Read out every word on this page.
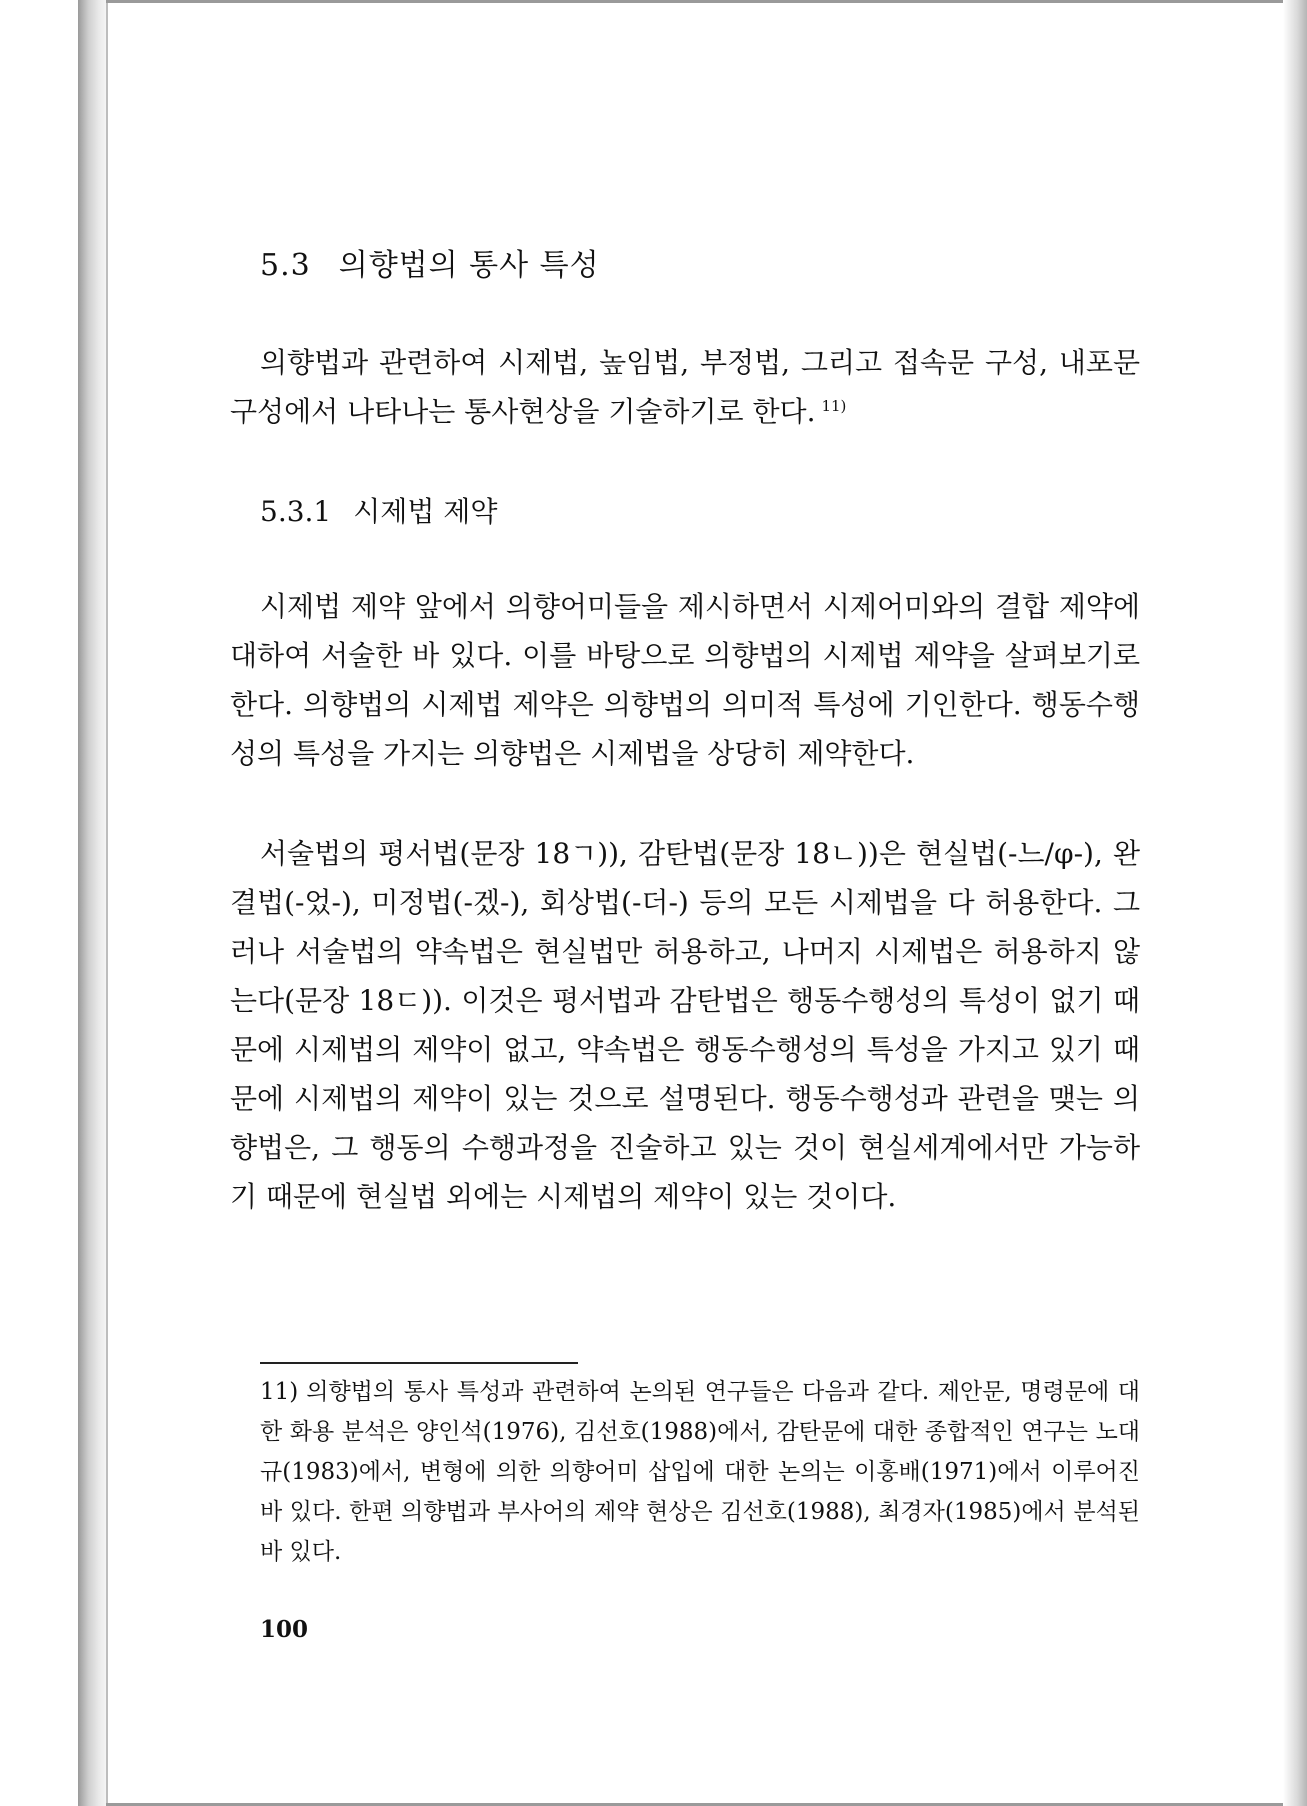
5.3 의향법의 통사 특성

의향법과 관련하여 시제법, 높임법, 부정법, 그리고 접속문 구성, 내포문 구성에서 나타나는 통사현상을 기술하기로 한다. $^{11)}$

5.3.1 시제법 제약

시제법 제약 앞에서 의향어미들을 제시하면서 시제어미와의 결합 제약에 대하여 서술한 바 있다. 이를 바탕으로 의향법의 시제법 제약을 살펴보기로 한다. 의향법의 시제법 제약은 의향법의 의미적 특성에 기인한다. 행동수행성의 특성을 가지는 의향법은 시제법을 상당히 제약한다.

서술법의 평서법(문장 18ㄱ)), 감탄법(문장 18ㄴ))은 현실법(-느/φ-), 완결법(-었-), 미정법(-겠-), 회상법(-더-) 등의 모든 시제법을 다 허용한다. 그러나 서술법의 약속법은 현실법만 허용하고, 나머지 시제법은 허용하지 않는다(문장 18ㄷ)). 이것은 평서법과 감탄법은 행동수행성의 특성이 없기 때문에 시제법의 제약이 없고, 약속법은 행동수행성의 특성을 가지고 있기 때문에 시제법의 제약이 있는 것으로 설명된다. 행동수행성과 관련을 맺는 의향법은, 그 행동의 수행과정을 진술하고 있는 것이 현실세계에서만 가능하기 때문에 현실법 외에는 시제법의 제약이 있는 것이다.

11) 의향법의 통사 특성과 관련하여 논의된 연구들은 다음과 같다. 제안문, 명령문에 대한 화용 분석은 양인석(1976), 김선호(1988)에서, 감탄문에 대한 종합적인 연구는 노대규(1983)에서, 변형에 의한 의향어미 삽입에 대한 논의는 이홍배(1971)에서 이루어진 바 있다. 한편 의향법과 부사어의 제약 현상은 김선호(1988), 최경자(1985)에서 분석된 바 있다.
100
